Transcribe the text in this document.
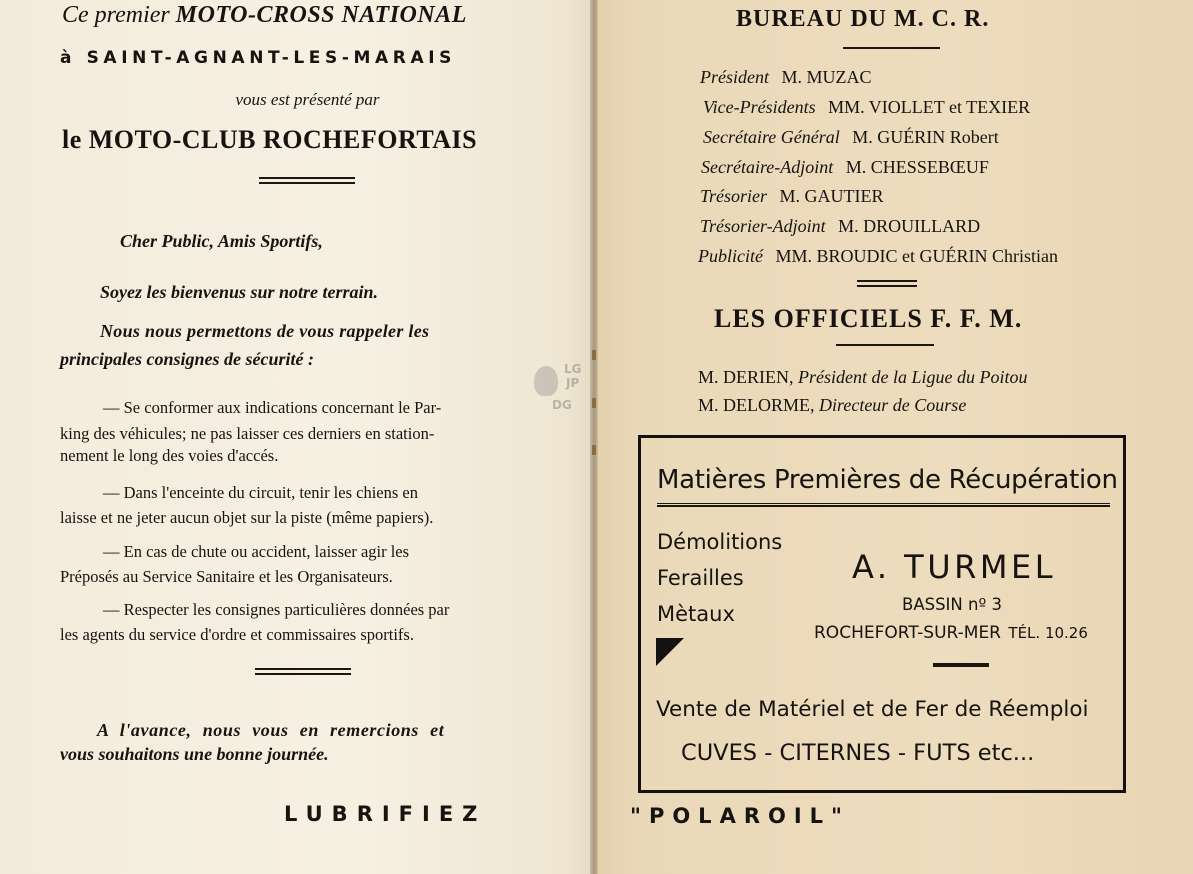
Ce premier MOTO-CROSS NATIONAL
à SAINT-AGNANT-LES-MARAIS
vous est présenté par
le MOTO-CLUB ROCHEFORTAIS
Cher Public, Amis Sportifs,
Soyez les bienvenus sur notre terrain.
Nous nous permettons de vous rappeler les
principales consignes de sécurité :
— Se conformer aux indications concernant le Par-
king des véhicules; ne pas laisser ces derniers en station-
nement le long des voies d'accés.
— Dans l'enceinte du circuit, tenir les chiens en
laisse et ne jeter aucun objet sur la piste (même papiers).
— En cas de chute ou accident, laisser agir les
Préposés au Service Sanitaire et les Organisateurs.
— Respecter les consignes particulières données par
les agents du service d'ordre et commissaires sportifs.
A l'avance, nous vous en remercions et
vous souhaitons une bonne journée.
LUBRIFIEZ
LG
JP
DG
BUREAU DU M. C. R.
Président M. MUZAC
Vice-Présidents MM. VIOLLET et TEXIER
Secrétaire Général M. GUÉRIN Robert
Secrétaire-Adjoint M. CHESSEBŒUF
Trésorier M. GAUTIER
Trésorier-Adjoint M. DROUILLARD
Publicité MM. BROUDIC et GUÉRIN Christian
LES OFFICIELS F. F. M.
M. DERIEN, Président de la Ligue du Poitou
M. DELORME, Directeur de Course
Matières Premières de Récupération
Démolitions
Ferailles
Mètaux
A. TURMEL
BASSIN nº 3
ROCHEFORT-SUR-MER TÉL. 10.26
Vente de Matériel et de Fer de Réemploi
CUVES - CITERNES - FUTS etc...
"POLAROIL"
